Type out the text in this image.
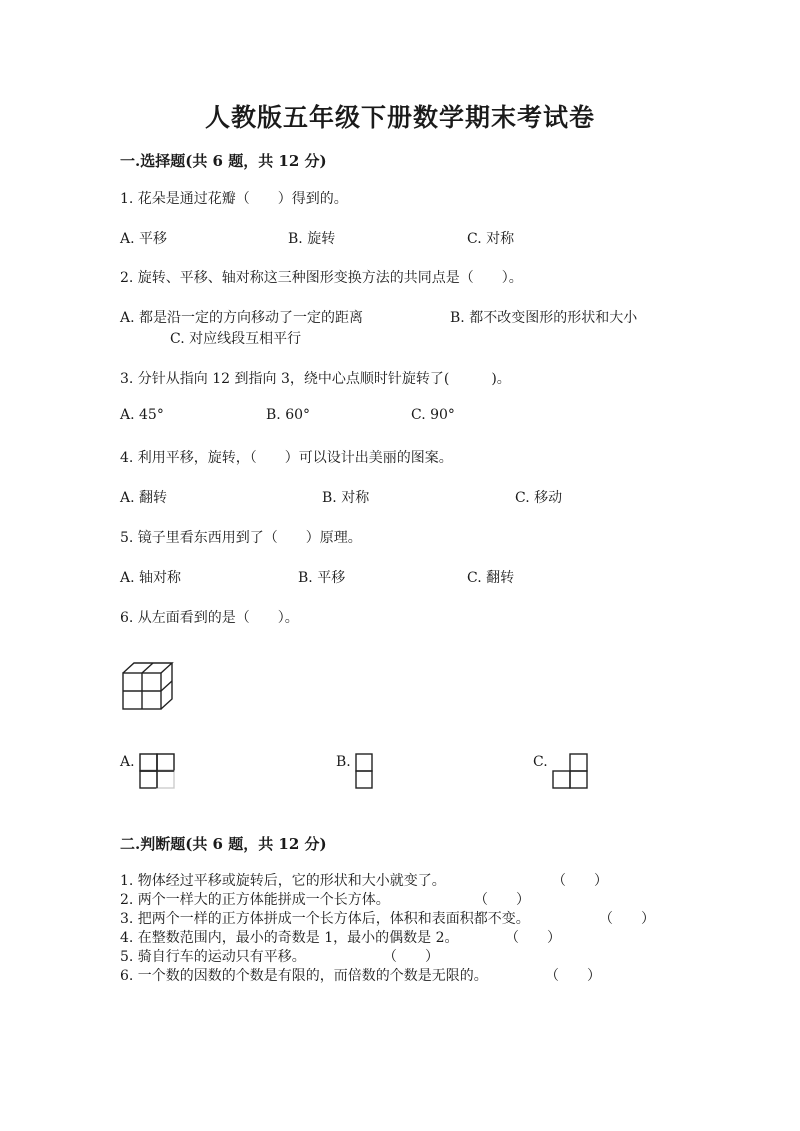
人教版五年级下册数学期末考试卷
一.选择题(共 6 题，共 12 分)
1. 花朵是通过花瓣（　　）得到的。
A. 平移	B. 旋转	C. 对称
2. 旋转、平移、轴对称这三种图形变换方法的共同点是（　　）。
A. 都是沿一定的方向移动了一定的距离	B. 都不改变图形的形状和大小
C. 对应线段互相平行
3. 分针从指向 12 到指向 3，绕中心点顺时针旋转了(　　　)。
A. 45°	B. 60°	C. 90°
4. 利用平移，旋转，（　　）可以设计出美丽的图案。
A. 翻转	B. 对称	C. 移动
5. 镜子里看东西用到了（　　）原理。
A. 轴对称	B. 平移	C. 翻转
6. 从左面看到的是（　　）。
A.	B.	C.
二.判断题(共 6 题，共 12 分)
1. 物体经过平移或旋转后，它的形状和大小就变了。	（　　）
2. 两个一样大的正方体能拼成一个长方体。	（　　）
3. 把两个一样的正方体拼成一个长方体后，体积和表面积都不变。	（　　）
4. 在整数范围内，最小的奇数是 1，最小的偶数是 2。	（　　）
5. 骑自行车的运动只有平移。	（　　）
6. 一个数的因数的个数是有限的，而倍数的个数是无限的。	（　　）
